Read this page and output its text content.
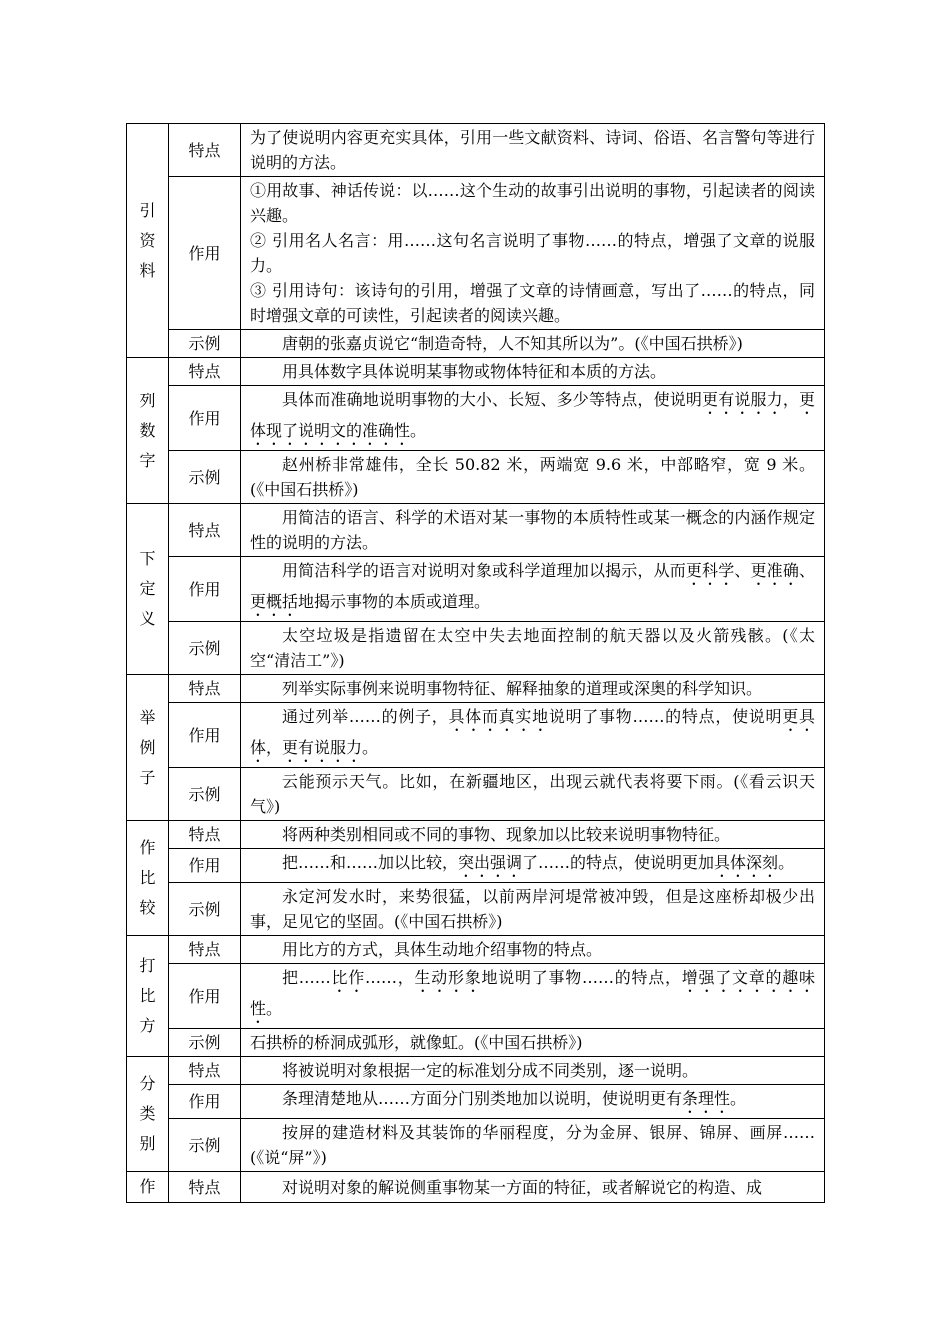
引资料	特点	为了使说明内容更充实具体，引用一些文献资料、诗词、俗语、名言警句等进行说明的方法。

	作用	①用故事、神话传说：以……这个生动的故事引出说明的事物，引起读者的阅读兴趣。

② 引用名人名言：用……这句名言说明了事物……的特点，增强了文章的说服力。

③ 引用诗句：该诗句的引用，增强了文章的诗情画意，写出了……的特点，同时增强文章的可读性，引起读者的阅读兴趣。

	示例	唐朝的张嘉贞说它“制造奇特，人不知其所以为”。(《中国石拱桥》)

列数字	特点	用具体数字具体说明某事物或物体特征和本质的方法。

	作用	具体而准确地说明事物的大小、长短、多少等特点，使说明更有说服力，更体现了说明文的准确性。

	示例	赵州桥非常雄伟，全长 50.82 米，两端宽 9.6 米，中部略窄，宽 9 米。(《中国石拱桥》)

下定义	特点	用简洁的语言、科学的术语对某一事物的本质特性或某一概念的内涵作规定性的说明的方法。

	作用	用简洁科学的语言对说明对象或科学道理加以揭示，从而更科学、更准确、更概括地揭示事物的本质或道理。

	示例	太空垃圾是指遗留在太空中失去地面控制的航天器以及火箭残骸。(《太空“清洁工”》)

举例子	特点	列举实际事例来说明事物特征、解释抽象的道理或深奥的科学知识。

	作用	通过列举……的例子，具体而真实地说明了事物……的特点，使说明更具体，更有说服力。

	示例	云能预示天气。比如，在新疆地区，出现云就代表将要下雨。(《看云识天气》)

作比较	特点	将两种类别相同或不同的事物、现象加以比较来说明事物特征。

	作用	把……和……加以比较，突出强调了……的特点，使说明更加具体深刻。

	示例	永定河发水时，来势很猛，以前两岸河堤常被冲毁，但是这座桥却极少出事，足见它的坚固。(《中国石拱桥》)

打比方	特点	用比方的方式，具体生动地介绍事物的特点。

	作用	把……比作……，生动形象地说明了事物……的特点，增强了文章的趣味性。

	示例	石拱桥的桥洞成弧形，就像虹。(《中国石拱桥》)

分类别	特点	将被说明对象根据一定的标准划分成不同类别，逐一说明。

	作用	条理清楚地从……方面分门别类地加以说明，使说明更有条理性。

	示例	按屏的建造材料及其装饰的华丽程度，分为金屏、银屏、锦屏、画屏……(《说“屏”》)

作	特点	对说明对象的解说侧重事物某一方面的特征，或者解说它的构造、成
